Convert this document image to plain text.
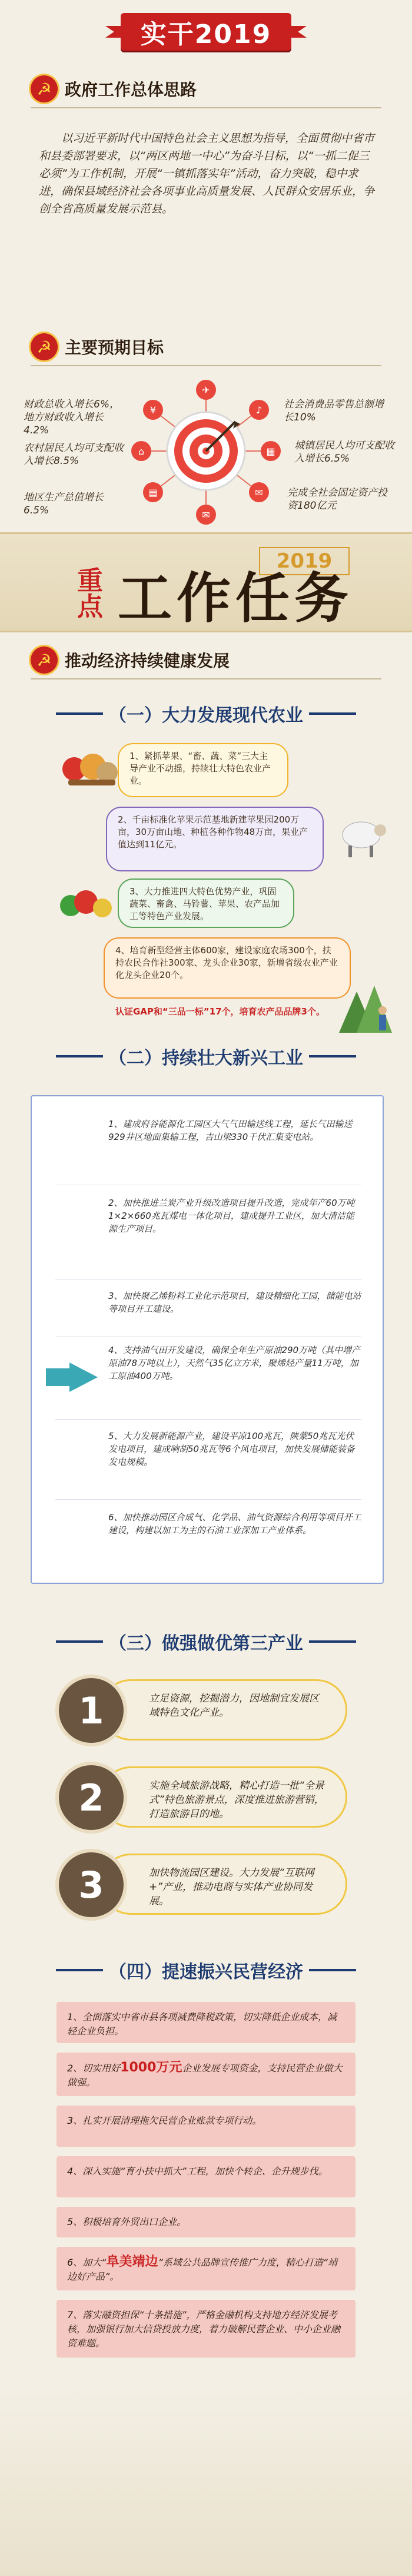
实干2019
☭ 政府工作总体思路
以习近平新时代中国特色社会主义思想为指导，全面贯彻中省市和县委部署要求，以“两区两地一中心”为奋斗目标，以“一抓二促三必须”为工作机制，开展“一镇抓落实年”活动，奋力突破，稳中求进，确保县域经济社会各项事业高质量发展、人民群众安居乐业，争创全省高质量发展示范县。
☭ 主要预期目标
¥
⌂
▤
♪
▦
✉
✈
✉
财政总收入增长6%，地方财政收入增长4.2%
农村居民人均可支配收入增长8.5%
地区生产总值增长6.5%
社会消费品零售总额增长10%
城镇居民人均可支配收入增长6.5%
完成全社会固定资产投资180亿元
2019
重点 工作任务
☭ 推动经济持续健康发展
（一）大力发展现代农业
1、紧抓苹果、“畜、蔬、菜”三大主导产业不动摇，持续壮大特色农业产业。
2、千亩标准化苹果示范基地新建苹果园200万亩，30万亩山地、种植各种作物48万亩，果业产值达到11亿元。
3、大力推进四大特色优势产业，巩固蔬菜、畜禽、马铃薯、苹果、农产品加工等特色产业发展。
4、培育新型经营主体600家，建设家庭农场300个，扶持农民合作社300家、龙头企业30家，新增省级农业产业化龙头企业20个。
认证GAP和“三品一标”17个，培育农产品品牌3个。
（二）持续壮大新兴工业
1、建成府谷能源化工园区大气气田输送线工程，延长气田输送929井区地面集输工程，吉山梁330千伏汇集变电站。
2、加快推进兰炭产业升级改造项目提升改造，完成年产60万吨1×2×660兆瓦煤电一体化项目，建成提升工业区，加大清洁能源生产项目。
3、加快聚乙烯粉料工业化示范项目，建设精细化工园，储能电站等项目开工建设。
4、支持油气田开发建设，确保全年生产原油290万吨（其中增产原油78万吨以上），天然气35亿立方米，聚烯烃产量11万吨，加工原油400万吨。
5、大力发展新能源产业，建设平凉100兆瓦，陕蒙50兆瓦光伏发电项目，建成响胡50兆瓦等6个风电项目，加快发展储能装备发电规模。
6、加快推动园区合成气、化学品、油气资源综合利用等项目开工建设，构建以加工为主的石油工业深加工产业体系。
（三）做强做优第三产业
立足资源，挖掘潜力，因地制宜发展区域特色文化产业。
1
实施全域旅游战略，精心打造一批“全景式”特色旅游景点，深度推进旅游营销，打造旅游目的地。
2
加快物流园区建设。大力发展“互联网+”产业，推动电商与实体产业协同发展。
3
（四）提速振兴民营经济
1、全面落实中省市县各项减费降税政策，切实降低企业成本，减轻企业负担。
2、切实用好1000万元企业发展专项资金，支持民营企业做大做强。
3、扎实开展清理拖欠民营企业账款专项行动。
4、深入实施“育小扶中抓大”工程，加快个转企、企升规步伐。
5、积极培育外贸出口企业。
6、加大“阜美靖边”系域公共品牌宣传推广力度，精心打造“靖边好产品”。
7、落实融资担保“十条措施”，严格金融机构支持地方经济发展考核，加强银行加大信贷投放力度，着力破解民营企业、中小企业融资难题。
